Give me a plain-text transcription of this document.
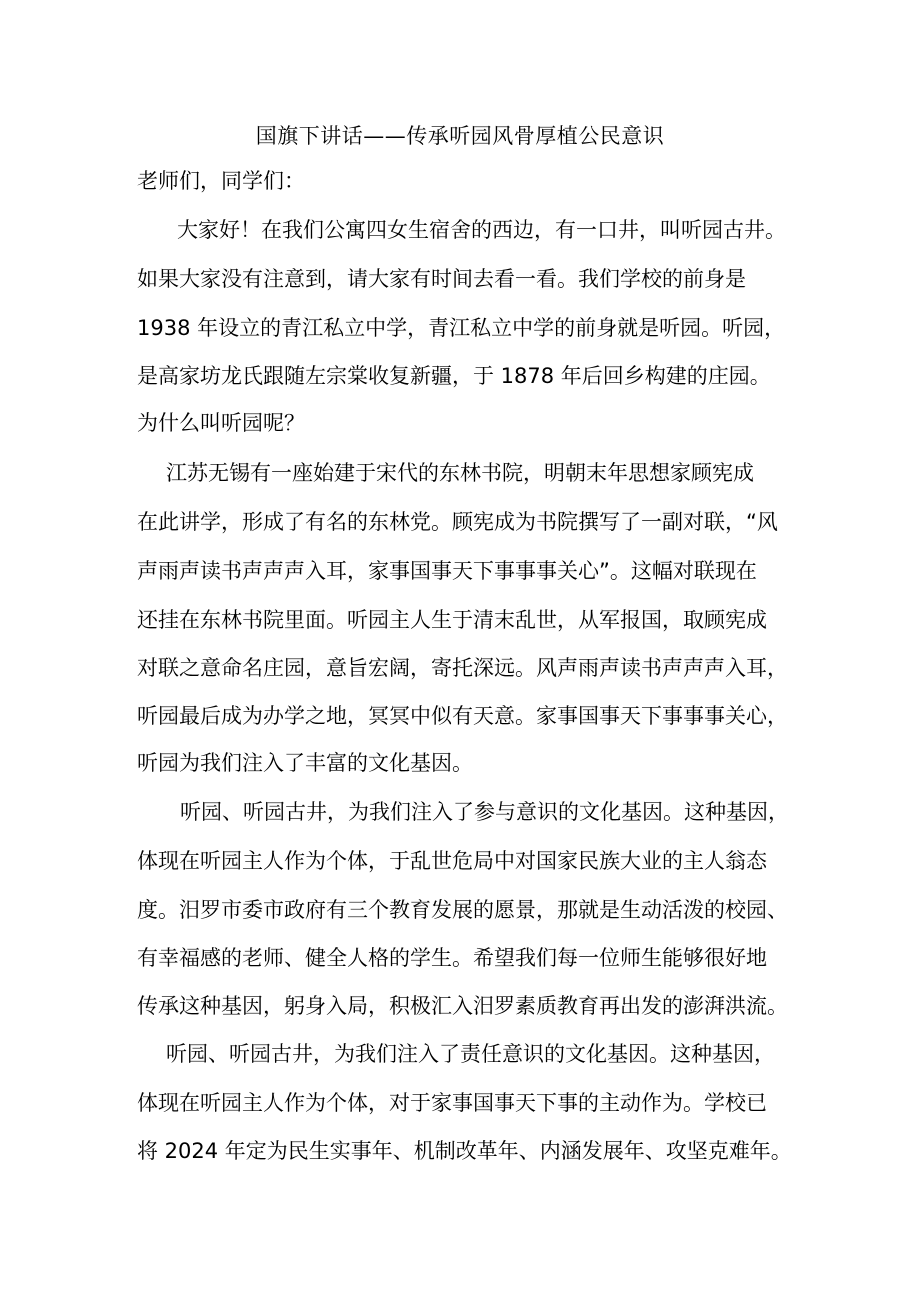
国旗下讲话——传承听园风骨厚植公民意识
老师们，同学们：
大家好！在我们公寓四女生宿舍的西边，有一口井，叫听园古井。
如果大家没有注意到，请大家有时间去看一看。我们学校的前身是
1938 年设立的青江私立中学，青江私立中学的前身就是听园。听园，
是高家坊龙氏跟随左宗棠收复新疆，于 1878 年后回乡构建的庄园。
为什么叫听园呢？
江苏无锡有一座始建于宋代的东林书院，明朝末年思想家顾宪成
在此讲学，形成了有名的东林党。顾宪成为书院撰写了一副对联，“风
声雨声读书声声声入耳，家事国事天下事事事关心”。这幅对联现在
还挂在东林书院里面。听园主人生于清末乱世，从军报国，取顾宪成
对联之意命名庄园，意旨宏阔，寄托深远。风声雨声读书声声声入耳，
听园最后成为办学之地，冥冥中似有天意。家事国事天下事事事关心，
听园为我们注入了丰富的文化基因。
听园、听园古井，为我们注入了参与意识的文化基因。这种基因，
体现在听园主人作为个体，于乱世危局中对国家民族大业的主人翁态
度。汨罗市委市政府有三个教育发展的愿景，那就是生动活泼的校园、
有幸福感的老师、健全人格的学生。希望我们每一位师生能够很好地
传承这种基因，躬身入局，积极汇入汨罗素质教育再出发的澎湃洪流。
听园、听园古井，为我们注入了责任意识的文化基因。这种基因，
体现在听园主人作为个体，对于家事国事天下事的主动作为。学校已
将 2024 年定为民生实事年、机制改革年、内涵发展年、攻坚克难年。
